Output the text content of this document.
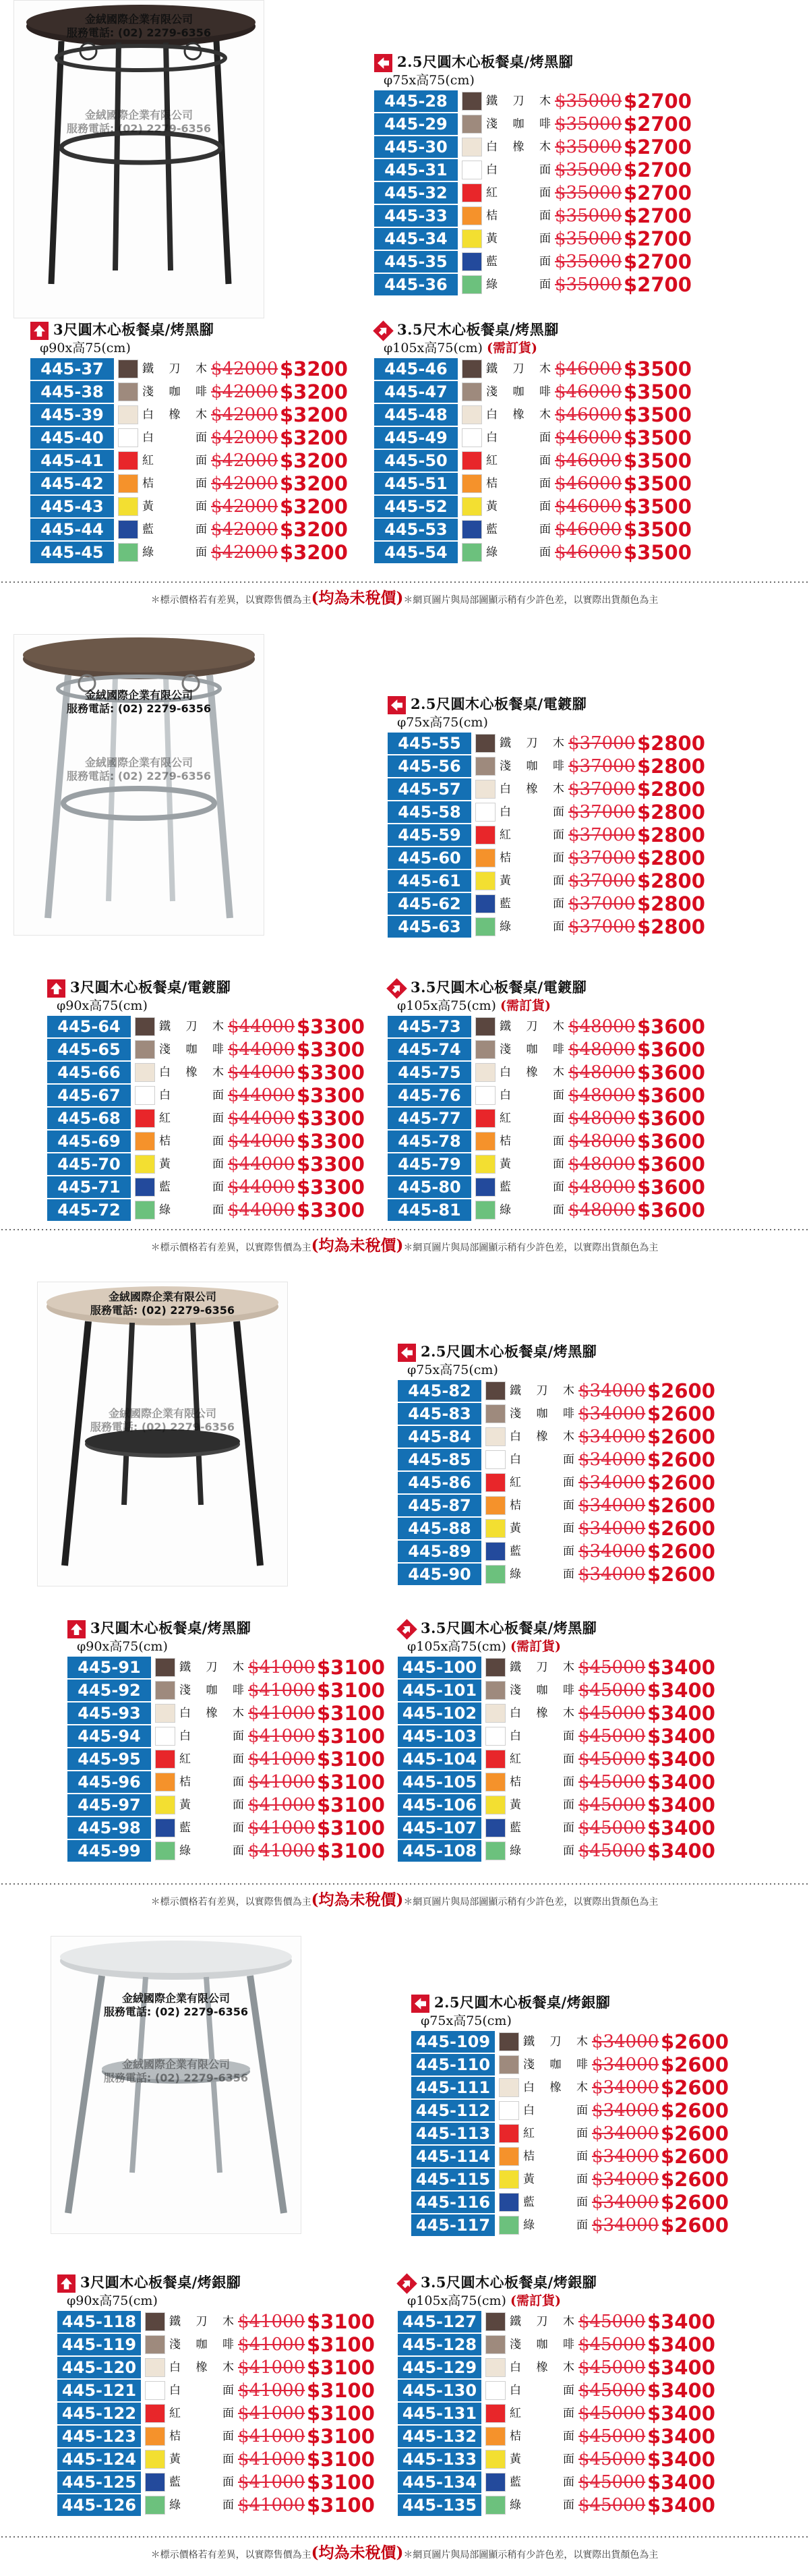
金絨國際企業有限公司
服務電話: (02) 2279-6356
金絨國際企業有限公司
服務電話: (02) 2279-6356
2.5尺圓木心板餐桌/烤黑腳
φ75x高75(cm)
445-28	鐵刀木 $35000 $2700
445-29	淺咖啡 $35000 $2700
445-30	白橡木 $35000 $2700
445-31	白　面 $35000 $2700
445-32	紅　面 $35000 $2700
445-33	桔　面 $35000 $2700
445-34	黃　面 $35000 $2700
445-35	藍　面 $35000 $2700
445-36	綠　面 $35000 $2700
3尺圓木心板餐桌/烤黑腳
φ90x高75(cm)
445-37	鐵刀木 $42000 $3200
445-38	淺咖啡 $42000 $3200
445-39	白橡木 $42000 $3200
445-40	白　面 $42000 $3200
445-41	紅　面 $42000 $3200
445-42	桔　面 $42000 $3200
445-43	黃　面 $42000 $3200
445-44	藍　面 $42000 $3200
445-45	綠　面 $42000 $3200
3.5尺木心板餐桌/烤黑腳
φ105x高75(cm) (需訂貨)
445-46	鐵刀木 $46000 $3500
445-47	淺咖啡 $46000 $3500
445-48	白橡木 $46000 $3500
445-49	白　面 $46000 $3500
445-50	紅　面 $46000 $3500
445-51	桔　面 $46000 $3500
445-52	黃　面 $46000 $3500
445-53	藍　面 $46000 $3500
445-54	綠　面 $46000 $3500
＊標示價格若有差異，以實際售價為主(均為未稅價)＊網頁圖片與局部圖顯示稍有少許色差，以實際出貨顏色為主
金絨國際企業有限公司
服務電話: (02) 2279-6356
金絨國際企業有限公司
服務電話: (02) 2279-6356
2.5尺圓木心板餐桌/電鍍腳
φ75x高75(cm)
445-55	鐵刀木 $37000 $2800
445-56	淺咖啡 $37000 $2800
445-57	白橡木 $37000 $2800
445-58	白　面 $37000 $2800
445-59	紅　面 $37000 $2800
445-60	桔　面 $37000 $2800
445-61	黃　面 $37000 $2800
445-62	藍　面 $37000 $2800
445-63	綠　面 $37000 $2800
3尺圓木心板餐桌/電鍍腳
φ90x高75(cm)
445-64	鐵刀木 $44000 $3300
445-65	淺咖啡 $44000 $3300
445-66	白橡木 $44000 $3300
445-67	白　面 $44000 $3300
445-68	紅　面 $44000 $3300
445-69	桔　面 $44000 $3300
445-70	黃　面 $44000 $3300
445-71	藍　面 $44000 $3300
445-72	綠　面 $44000 $3300
3.5尺圓木心板餐桌/電鍍腳
φ105x高75(cm) (需訂貨)
445-73	鐵刀木 $48000 $3600
445-74	淺咖啡 $48000 $3600
445-75	白橡木 $48000 $3600
445-76	白　面 $48000 $3600
445-77	紅　面 $48000 $3600
445-78	桔　面 $48000 $3600
445-79	黃　面 $48000 $3600
445-80	藍　面 $48000 $3600
445-81	綠　面 $48000 $3600
＊標示價格若有差異，以實際售價為主(均為未稅價)＊網頁圖片與局部圖顯示稍有少許色差，以實際出貨顏色為主
金絨國際企業有限公司
服務電話: (02) 2279-6356
金絨國際企業有限公司
服務電話: (02) 2279-6356
2.5尺圓木心板餐桌/烤黑腳
φ75x高75(cm)
445-82	鐵刀木 $34000 $2600
445-83	淺咖啡 $34000 $2600
445-84	白橡木 $34000 $2600
445-85	白　面 $34000 $2600
445-86	紅　面 $34000 $2600
445-87	桔　面 $34000 $2600
445-88	黃　面 $34000 $2600
445-89	藍　面 $34000 $2600
445-90	綠　面 $34000 $2600
3尺圓木心板餐桌/烤黑腳
φ90x高75(cm)
445-91	鐵刀木 $41000 $3100
445-92	淺咖啡 $41000 $3100
445-93	白橡木 $41000 $3100
445-94	白　面 $41000 $3100
445-95	紅　面 $41000 $3100
445-96	桔　面 $41000 $3100
445-97	黃　面 $41000 $3100
445-98	藍　面 $41000 $3100
445-99	綠　面 $41000 $3100
3.5尺圓木心板餐桌/烤黑腳
φ105x高75(cm) (需訂貨)
445-100	鐵刀木 $45000 $3400
445-101	淺咖啡 $45000 $3400
445-102	白橡木 $45000 $3400
445-103	白　面 $45000 $3400
445-104	紅　面 $45000 $3400
445-105	桔　面 $45000 $3400
445-106	黃　面 $45000 $3400
445-107	藍　面 $45000 $3400
445-108	綠　面 $45000 $3400
＊標示價格若有差異，以實際售價為主(均為未稅價)＊網頁圖片與局部圖顯示稍有少許色差，以實際出貨顏色為主
金絨國際企業有限公司
服務電話: (02) 2279-6356
金絨國際企業有限公司
服務電話: (02) 2279-6356
2.5尺圓木心板餐桌/烤銀腳
φ75x高75(cm)
445-109	鐵刀木 $34000 $2600
445-110	淺咖啡 $34000 $2600
445-111	白橡木 $34000 $2600
445-112	白　面 $34000 $2600
445-113	紅　面 $34000 $2600
445-114	桔　面 $34000 $2600
445-115	黃　面 $34000 $2600
445-116	藍　面 $34000 $2600
445-117	綠　面 $34000 $2600
3尺圓木心板餐桌/烤銀腳
φ90x高75(cm)
445-118	鐵刀木 $41000 $3100
445-119	淺咖啡 $41000 $3100
445-120	白橡木 $41000 $3100
445-121	白　面 $41000 $3100
445-122	紅　面 $41000 $3100
445-123	桔　面 $41000 $3100
445-124	黃　面 $41000 $3100
445-125	藍　面 $41000 $3100
445-126	綠　面 $41000 $3100
3.5尺圓木心板餐桌/烤銀腳
φ105x高75(cm) (需訂貨)
445-127	鐵刀木 $45000 $3400
445-128	淺咖啡 $45000 $3400
445-129	白橡木 $45000 $3400
445-130	白　面 $45000 $3400
445-131	紅　面 $45000 $3400
445-132	桔　面 $45000 $3400
445-133	黃　面 $45000 $3400
445-134	藍　面 $45000 $3400
445-135	綠　面 $45000 $3400
＊標示價格若有差異，以實際售價為主(均為未稅價)＊網頁圖片與局部圖顯示稍有少許色差，以實際出貨顏色為主
